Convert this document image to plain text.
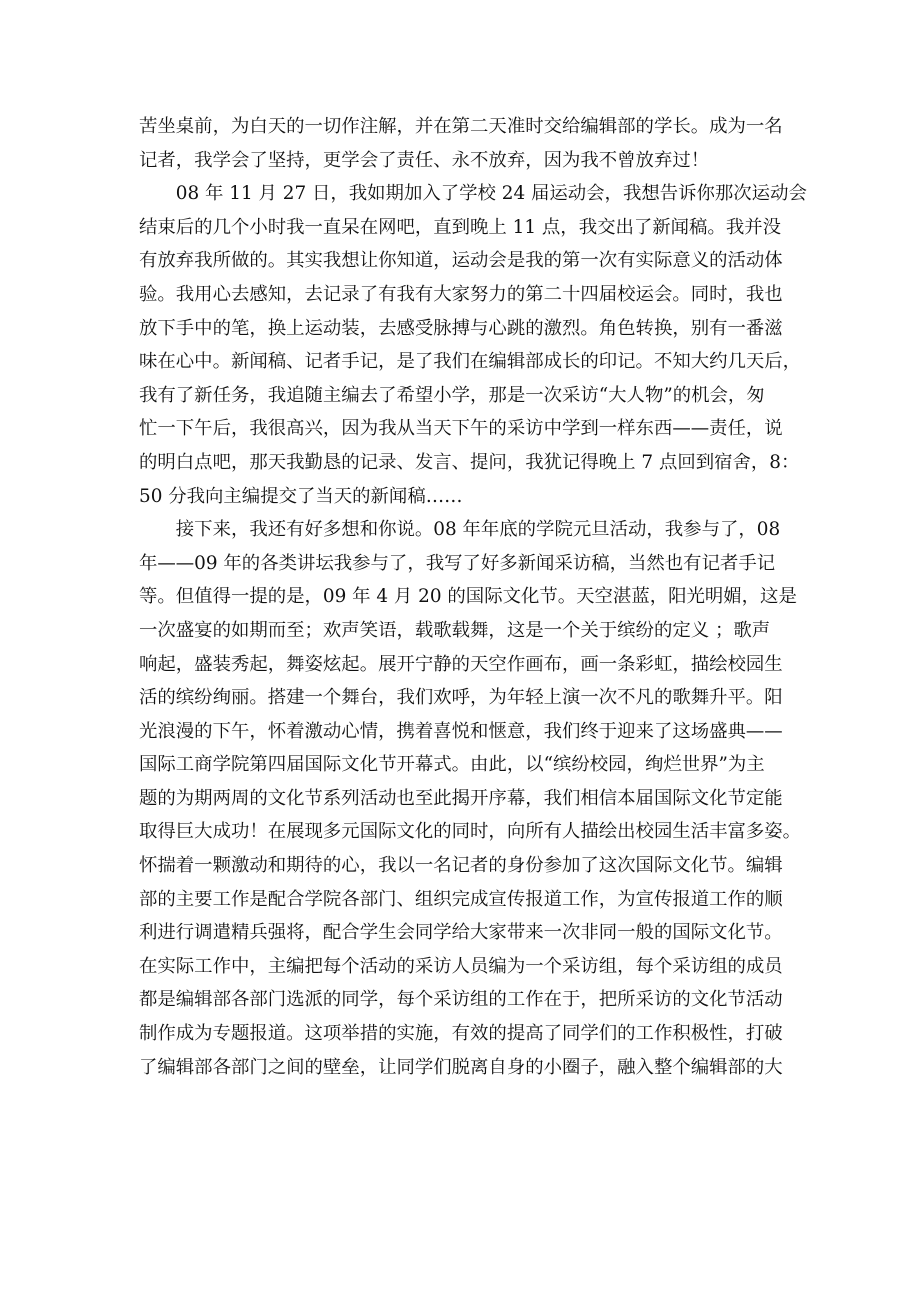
苦坐桌前，为白天的一切作注解，并在第二天准时交给编辑部的学长。成为一名
记者，我学会了坚持，更学会了责任、永不放弃，因为我不曾放弃过！
　　08 年 11 月 27 日，我如期加入了学校 24 届运动会，我想告诉你那次运动会
结束后的几个小时我一直呆在网吧，直到晚上 11 点，我交出了新闻稿。我并没
有放弃我所做的。其实我想让你知道，运动会是我的第一次有实际意义的活动体
验。我用心去感知，去记录了有我有大家努力的第二十四届校运会。同时，我也
放下手中的笔，换上运动装，去感受脉搏与心跳的激烈。角色转换，别有一番滋
味在心中。新闻稿、记者手记，是了我们在编辑部成长的印记。不知大约几天后，
我有了新任务，我追随主编去了希望小学，那是一次采访“大人物”的机会，匆
忙一下午后，我很高兴，因为我从当天下午的采访中学到一样东西——责任，说
的明白点吧，那天我勤恳的记录、发言、提问，我犹记得晚上 7 点回到宿舍，8：
50 分我向主编提交了当天的新闻稿……
　　接下来，我还有好多想和你说。08 年年底的学院元旦活动，我参与了，08
年——09 年的各类讲坛我参与了，我写了好多新闻采访稿，当然也有记者手记
等。但值得一提的是，09 年 4 月 20 的国际文化节。天空湛蓝，阳光明媚，这是
一次盛宴的如期而至；欢声笑语，载歌载舞，这是一个关于缤纷的定义 ；歌声
响起，盛装秀起，舞姿炫起。展开宁静的天空作画布，画一条彩虹，描绘校园生
活的缤纷绚丽。搭建一个舞台，我们欢呼，为年轻上演一次不凡的歌舞升平。阳
光浪漫的下午，怀着激动心情，携着喜悦和惬意，我们终于迎来了这场盛典——
国际工商学院第四届国际文化节开幕式。由此，以“缤纷校园，绚烂世界”为主
题的为期两周的文化节系列活动也至此揭开序幕，我们相信本届国际文化节定能
取得巨大成功！在展现多元国际文化的同时，向所有人描绘出校园生活丰富多姿。
怀揣着一颗激动和期待的心，我以一名记者的身份参加了这次国际文化节。编辑
部的主要工作是配合学院各部门、组织完成宣传报道工作，为宣传报道工作的顺
利进行调遣精兵强将，配合学生会同学给大家带来一次非同一般的国际文化节。
在实际工作中，主编把每个活动的采访人员编为一个采访组，每个采访组的成员
都是编辑部各部门选派的同学，每个采访组的工作在于，把所采访的文化节活动
制作成为专题报道。这项举措的实施，有效的提高了同学们的工作积极性，打破
了编辑部各部门之间的壁垒，让同学们脱离自身的小圈子，融入整个编辑部的大
